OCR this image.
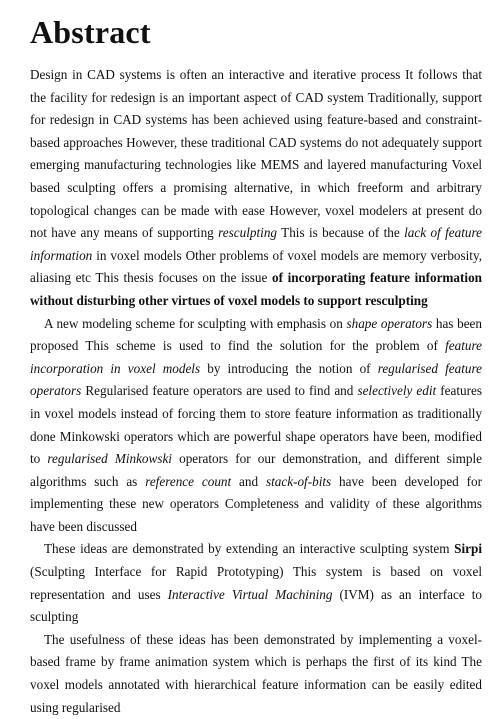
Abstract

Design in CAD systems is often an interactive and iterative process It follows that the facility for redesign is an important aspect of CAD system Traditionally, support for redesign in CAD systems has been achieved using feature-based and constraint-based approaches However, these traditional CAD systems do not adequately support emerging manufacturing technologies like MEMS and layered manufacturing Voxel based sculpting offers a promising alternative, in which freeform and arbitrary topological changes can be made with ease However, voxel modelers at present do not have any means of supporting resculpting This is because of the lack of feature information in voxel models Other problems of voxel models are memory verbosity, aliasing etc This thesis focuses on the issue of incorporating feature information without disturbing other virtues of voxel models to support resculpting

A new modeling scheme for sculpting with emphasis on shape operators has been proposed This scheme is used to find the solution for the problem of feature incorporation in voxel models by introducing the notion of regularised feature operators Regularised feature operators are used to find and selectively edit features in voxel models instead of forcing them to store feature information as traditionally done Minkowski operators which are powerful shape operators have been, modified to regularised Minkowski operators for our demonstration, and different simple algorithms such as reference count and stack-of-bits have been developed for implementing these new operators Completeness and validity of these algorithms have been discussed

These ideas are demonstrated by extending an interactive sculpting system Sirpi (Sculpting Interface for Rapid Prototyping) This system is based on voxel representation and uses Interactive Virtual Machining (IVM) as an interface to sculpting

The usefulness of these ideas has been demonstrated by implementing a voxel-based frame by frame animation system which is perhaps the first of its kind The voxel models annotated with hierarchical feature information can be easily edited using regularised
